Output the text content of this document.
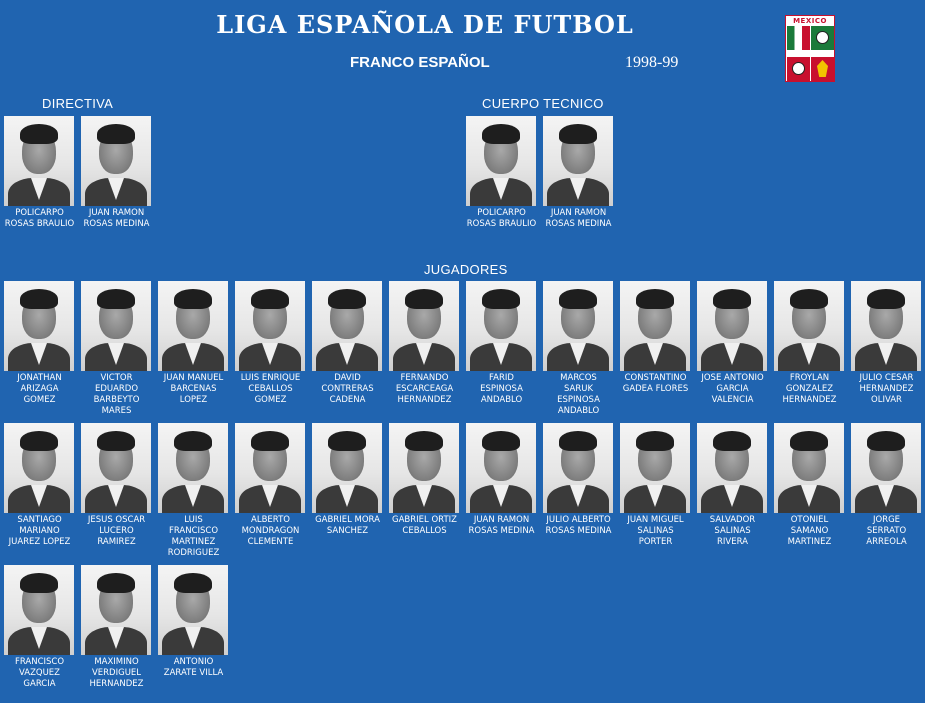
LIGA ESPAÑOLA DE FUTBOL
FRANCO ESPAÑOL	1998-99
MEXICO
DIRECTIVA	CUERPO TECNICO
JUGADORES
POLICARPO
ROSAS BRAULIO
JUAN RAMON
ROSAS MEDINA
POLICARPO
ROSAS BRAULIO
JUAN RAMON
ROSAS MEDINA
JONATHAN
ARIZAGA
GOMEZ
VICTOR
EDUARDO
BARBEYTO
MARES
JUAN MANUEL
BARCENAS
LOPEZ
LUIS ENRIQUE
CEBALLOS
GOMEZ
DAVID
CONTRERAS
CADENA
FERNANDO
ESCARCEAGA
HERNANDEZ
FARID
ESPINOSA
ANDABLO
MARCOS
SARUK
ESPINOSA
ANDABLO
CONSTANTINO
GADEA FLORES
JOSE ANTONIO
GARCIA
VALENCIA
FROYLAN
GONZALEZ
HERNANDEZ
JULIO CESAR
HERNANDEZ
OLIVAR
SANTIAGO
MARIANO
JUAREZ LOPEZ
JESUS OSCAR
LUCERO
RAMIREZ
LUIS
FRANCISCO
MARTINEZ
RODRIGUEZ
ALBERTO
MONDRAGON
CLEMENTE
GABRIEL MORA
SANCHEZ
GABRIEL ORTIZ
CEBALLOS
JUAN RAMON
ROSAS MEDINA
JULIO ALBERTO
ROSAS MEDINA
JUAN MIGUEL
SALINAS
PORTER
SALVADOR
SALINAS
RIVERA
OTONIEL
SAMANO
MARTINEZ
JORGE
SERRATO
ARREOLA
FRANCISCO
VAZQUEZ
GARCIA
MAXIMINO
VERDIGUEL
HERNANDEZ
ANTONIO
ZARATE VILLA
